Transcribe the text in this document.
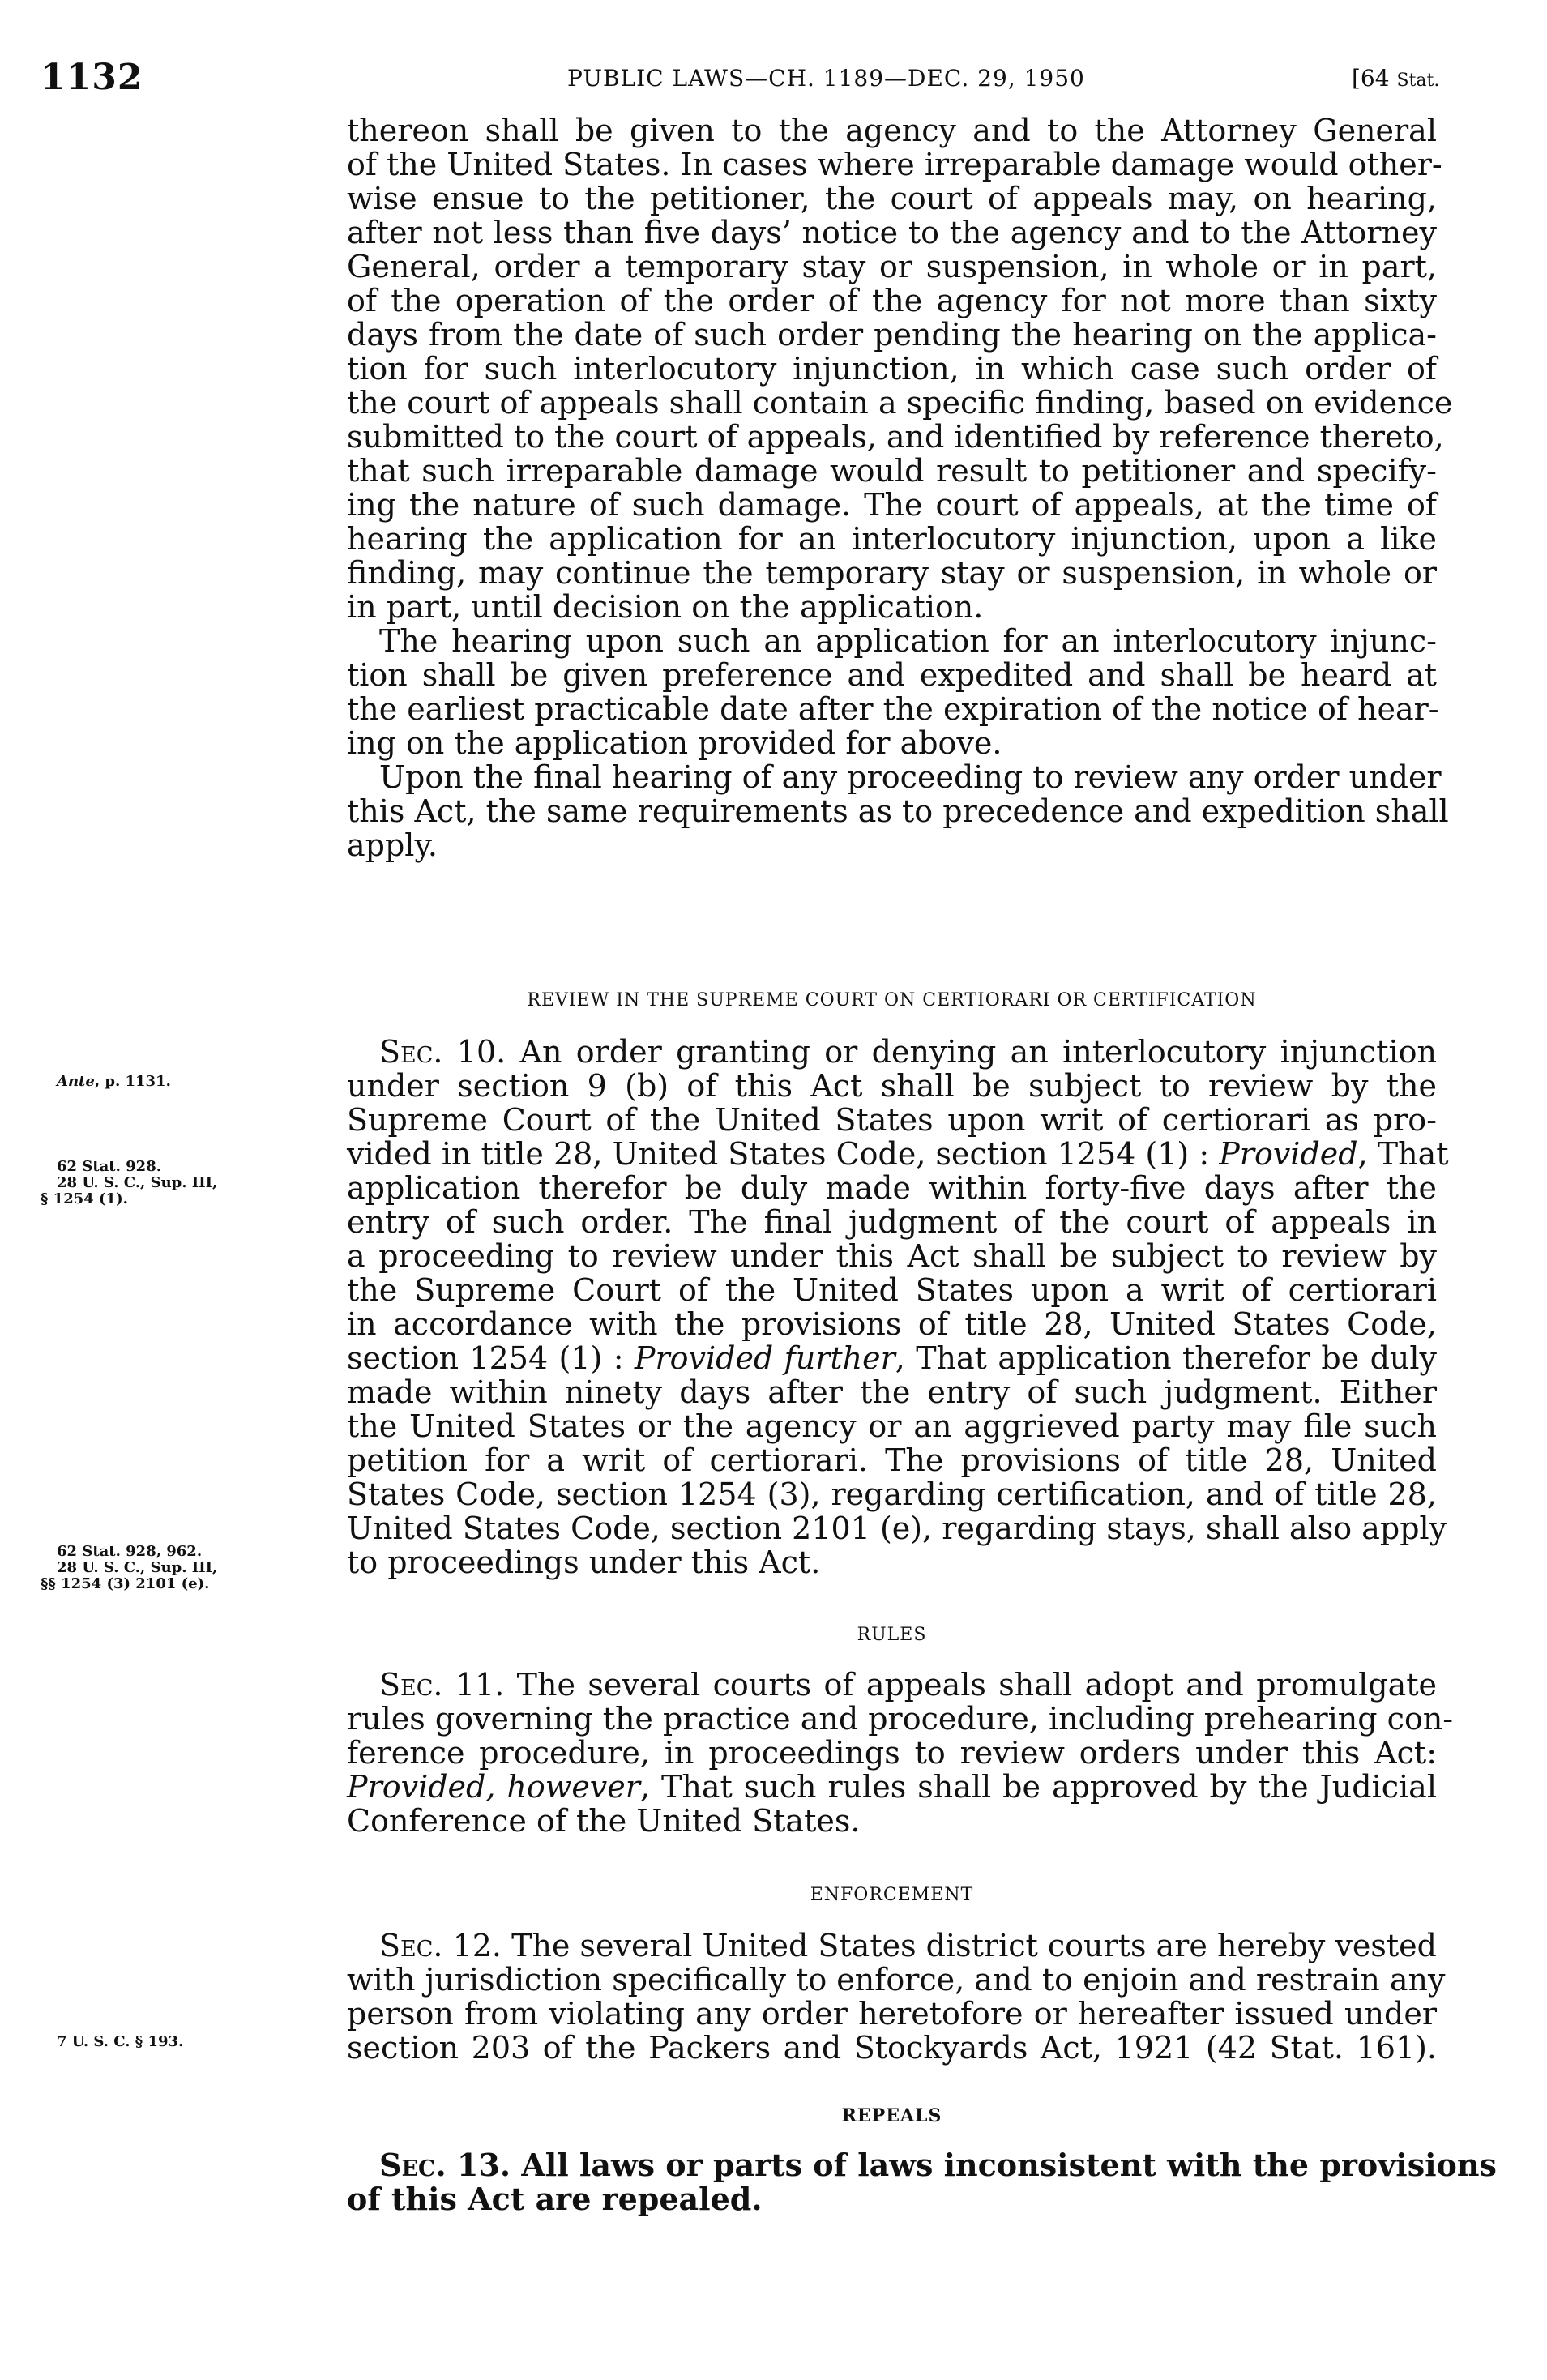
1132	PUBLIC LAWS—CH. 1189—DEC. 29, 1950	[64 Stat.
thereon shall be given to the agency and to the Attorney General
of the United States. In cases where irreparable damage would other-
wise ensue to the petitioner, the court of appeals may, on hearing,
after not less than five days’ notice to the agency and to the Attorney
General, order a temporary stay or suspension, in whole or in part,
of the operation of the order of the agency for not more than sixty
days from the date of such order pending the hearing on the applica-
tion for such interlocutory injunction, in which case such order of
the court of appeals shall contain a specific finding, based on evidence
submitted to the court of appeals, and identified by reference thereto,
that such irreparable damage would result to petitioner and specify-
ing the nature of such damage. The court of appeals, at the time of
hearing the application for an interlocutory injunction, upon a like
finding, may continue the temporary stay or suspension, in whole or
in part, until decision on the application.
The hearing upon such an application for an interlocutory injunc-
tion shall be given preference and expedited and shall be heard at
the earliest practicable date after the expiration of the notice of hear-
ing on the application provided for above.
Upon the final hearing of any proceeding to review any order under
this Act, the same requirements as to precedence and expedition shall
apply.
REVIEW IN THE SUPREME COURT ON CERTIORARI OR CERTIFICATION
Sec. 10. An order granting or denying an interlocutory injunction
under section 9 (b) of this Act shall be subject to review by the
Supreme Court of the United States upon writ of certiorari as pro-
vided in title 28, United States Code, section 1254 (1) : Provided, That
application therefor be duly made within forty-five days after the
entry of such order. The final judgment of the court of appeals in
a proceeding to review under this Act shall be subject to review by
the Supreme Court of the United States upon a writ of certiorari
in accordance with the provisions of title 28, United States Code,
section 1254 (1) : Provided further, That application therefor be duly
made within ninety days after the entry of such judgment. Either
the United States or the agency or an aggrieved party may file such
petition for a writ of certiorari. The provisions of title 28, United
States Code, section 1254 (3), regarding certification, and of title 28,
United States Code, section 2101 (e), regarding stays, shall also apply
to proceedings under this Act.
RULES
Sec. 11. The several courts of appeals shall adopt and promulgate
rules governing the practice and procedure, including prehearing con-
ference procedure, in proceedings to review orders under this Act:
Provided, however, That such rules shall be approved by the Judicial
Conference of the United States.
ENFORCEMENT
Sec. 12. The several United States district courts are hereby vested
with jurisdiction specifically to enforce, and to enjoin and restrain any
person from violating any order heretofore or hereafter issued under
section 203 of the Packers and Stockyards Act, 1921 (42 Stat. 161).
REPEALS
Sec. 13. All laws or parts of laws inconsistent with the provisions
of this Act are repealed.
Ante, p. 1131.
62 Stat. 928.
28 U. S. C., Sup. III,
§ 1254 (1).
62 Stat. 928, 962.
28 U. S. C., Sup. III,
§§ 1254 (3) 2101 (e).
7 U. S. C. § 193.
